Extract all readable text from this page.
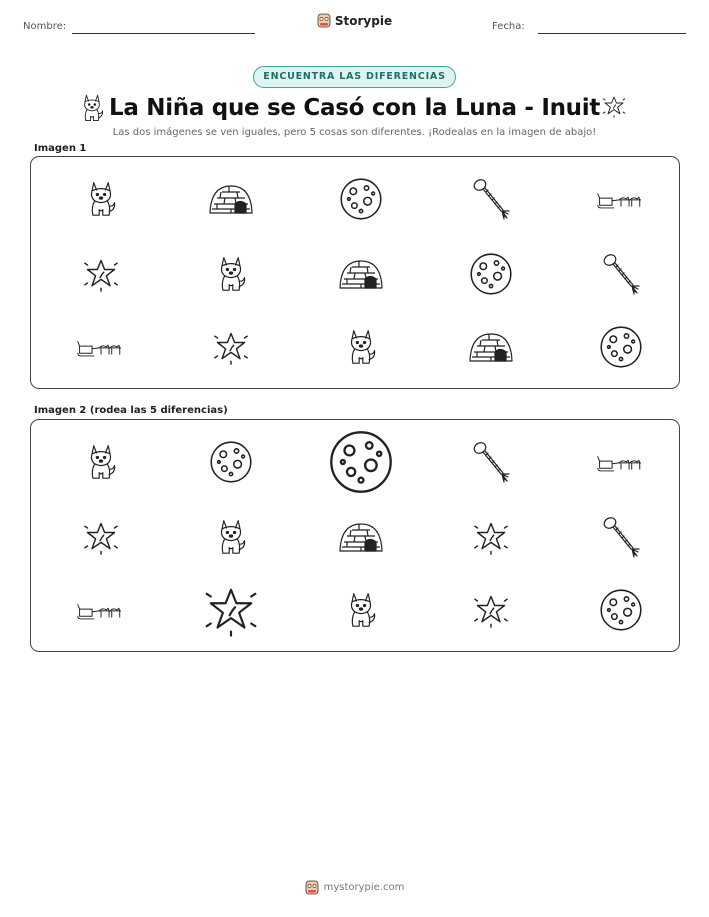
Nombre:	Fecha:
Storypie
ENCUENTRA LAS DIFERENCIAS
La Niña que se Casó con la Luna - Inuit
Las dos imágenes se ven iguales, pero 5 cosas son diferentes. ¡Rodealas en la imagen de abajo!
Imagen 1
Imagen 2 (rodea las 5 diferencias)
mystorypie.com
